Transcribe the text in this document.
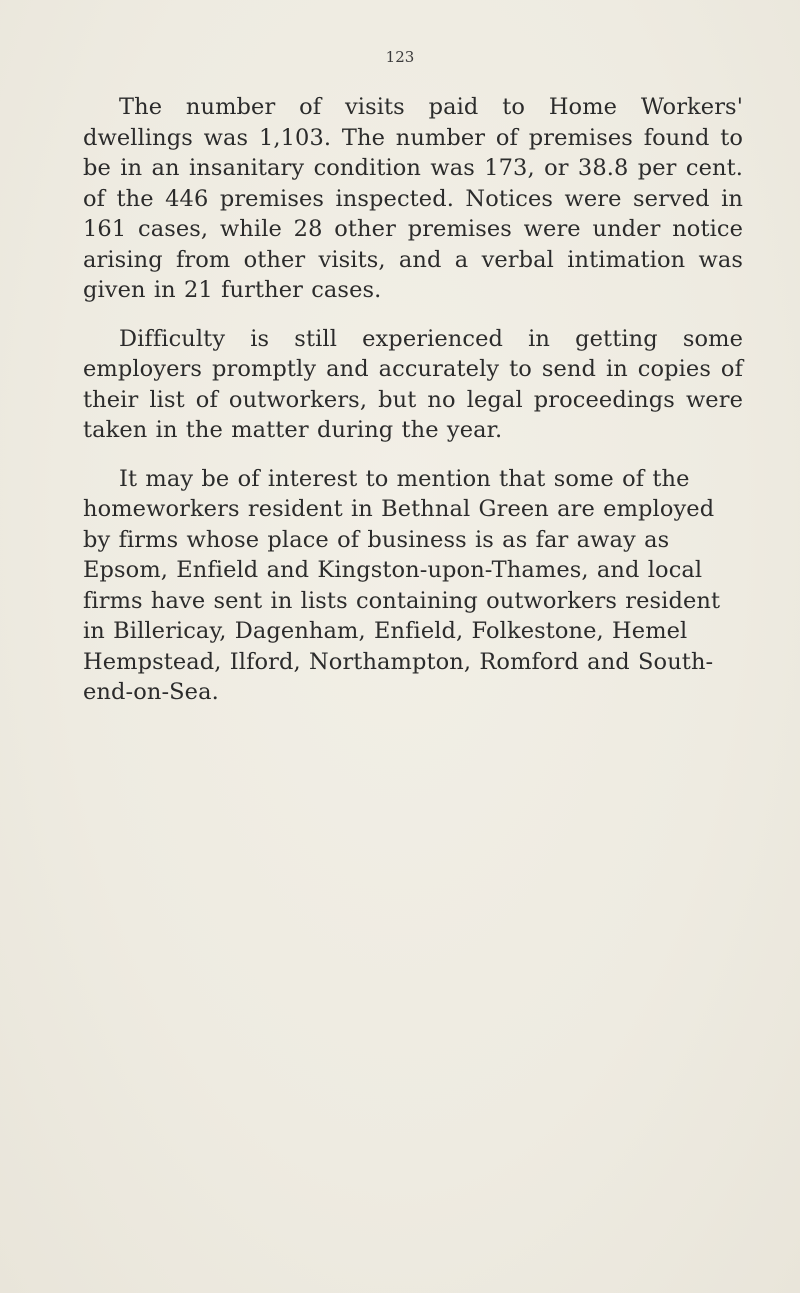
123

The number of visits paid to Home Workers' dwellings was 1,103. The number of premises found to be in an insanitary condition was 173, or 38.8 per cent. of the 446 premises inspected. Notices were served in 161 cases, while 28 other premises were under notice arising from other visits, and a verbal intimation was given in 21 further cases.

Difficulty is still experienced in getting some employers promptly and accurately to send in copies of their list of outworkers, but no legal proceedings were taken in the matter during the year.

It may be of interest to mention that some of the homeworkers resident in Bethnal Green are employed by firms whose place of business is as far away as Epsom, Enfield and Kingston-upon-Thames, and local firms have sent in lists containing outworkers resident in Billericay, Dagenham, Enfield, Folkestone, Hemel Hempstead, Ilford, Northampton, Romford and South-end-on-Sea.
